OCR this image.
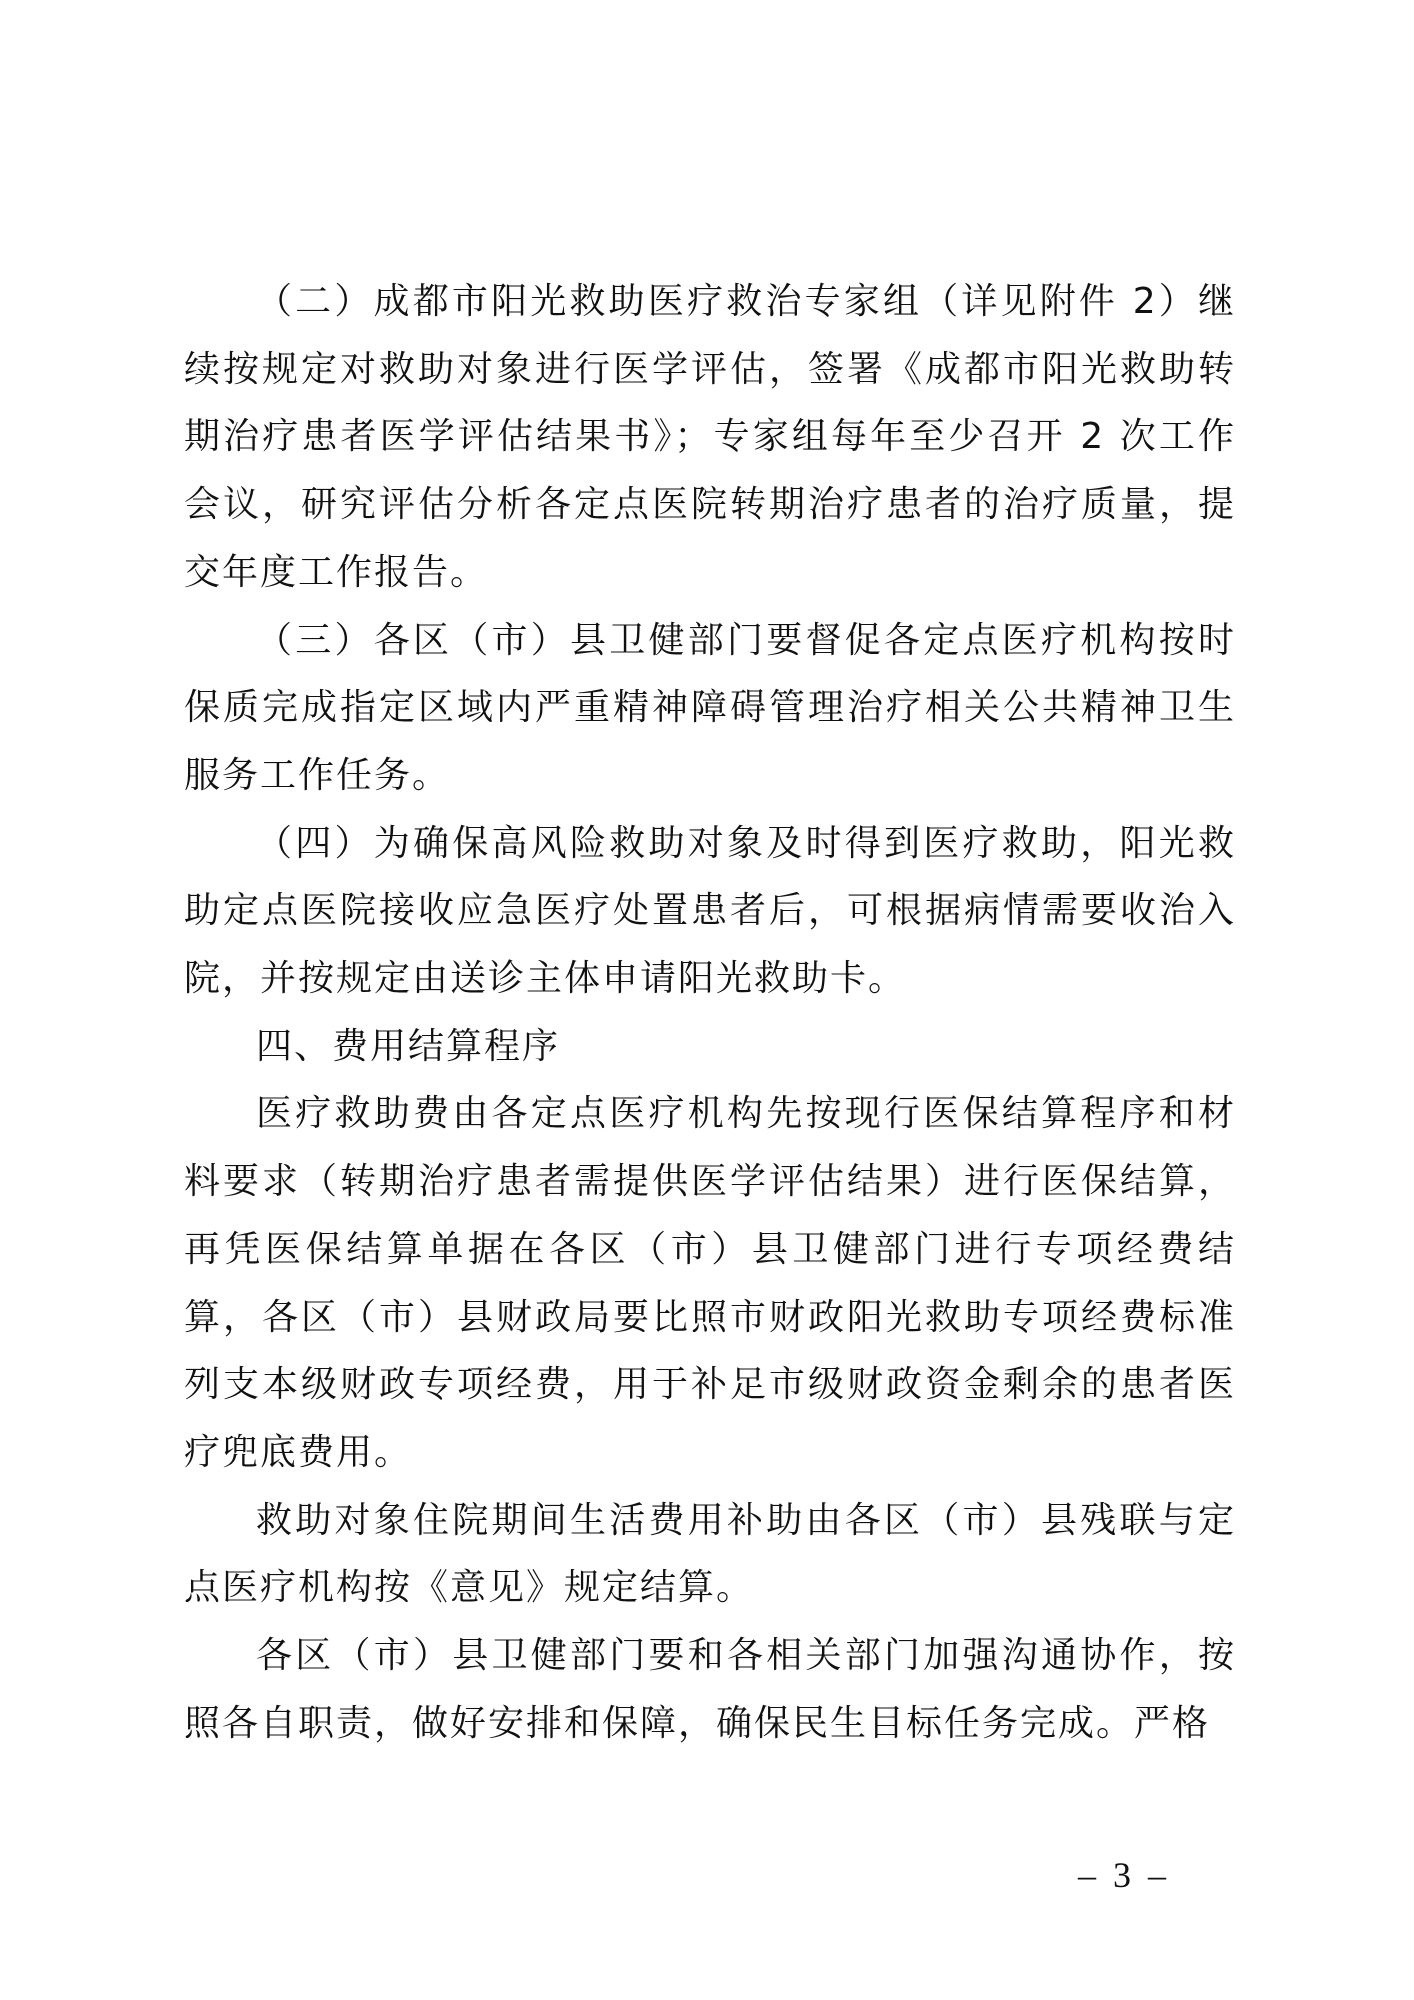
（二）成都市阳光救助医疗救治专家组（详见附件 2）继续按规定对救助对象进行医学评估，签署《成都市阳光救助转期治疗患者医学评估结果书》；专家组每年至少召开 2 次工作会议，研究评估分析各定点医院转期治疗患者的治疗质量，提交年度工作报告。

（三）各区（市）县卫健部门要督促各定点医疗机构按时保质完成指定区域内严重精神障碍管理治疗相关公共精神卫生服务工作任务。

（四）为确保高风险救助对象及时得到医疗救助，阳光救助定点医院接收应急医疗处置患者后，可根据病情需要收治入院，并按规定由送诊主体申请阳光救助卡。

四、费用结算程序

医疗救助费由各定点医疗机构先按现行医保结算程序和材料要求（转期治疗患者需提供医学评估结果）进行医保结算，再凭医保结算单据在各区（市）县卫健部门进行专项经费结算，各区（市）县财政局要比照市财政阳光救助专项经费标准列支本级财政专项经费，用于补足市级财政资金剩余的患者医疗兜底费用。

救助对象住院期间生活费用补助由各区（市）县残联与定点医疗机构按《意见》规定结算。

各区（市）县卫健部门要和各相关部门加强沟通协作，按照各自职责，做好安排和保障，确保民生目标任务完成。严格

– 3 –
